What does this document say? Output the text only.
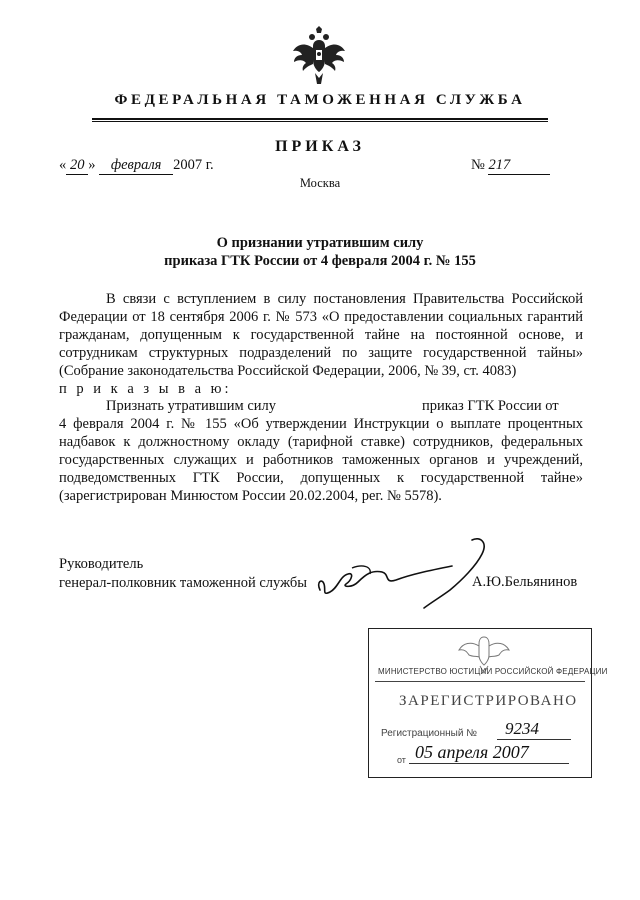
ФЕДЕРАЛЬНАЯ ТАМОЖЕННАЯ СЛУЖБА
ПРИКАЗ
« 20 » февраля 2007 г.	№ 217
Москва
О признании утратившим силу
приказа ГТК России от 4 февраля 2004 г. № 155

В связи с вступлением в силу постановления Правительства Российской Федерации от 18 сентября 2006 г. № 573 «О предоставлении социальных гарантий гражданам, допущенным к государственной тайне на постоянной основе, и сотрудникам структурных подразделений по защите государственной тайны» (Собрание законодательства Российской Федерации, 2006, № 39, ст. 4083)

п р и к а з ы в а ю:
Признать утратившим силу	приказ ГТК России от

4 февраля 2004 г. № 155 «Об утверждении Инструкции о выплате процентных надбавок к должностному окладу (тарифной ставке) сотрудников, федеральных государственных служащих и работников таможенных органов и учреждений, подведомственных ГТК России, допущенных к государственной тайне» (зарегистрирован Минюстом России 20.02.2004, рег. № 5578).

Руководитель
генерал-полковник таможенной службы	А.Ю.Бельянинов
МИНИСТЕРСТВО ЮСТИЦИИ РОССИЙСКОЙ ФЕДЕРАЦИИ
ЗАРЕГИСТРИРОВАНО
Регистрационный № 9234
от 05 апреля 2007
